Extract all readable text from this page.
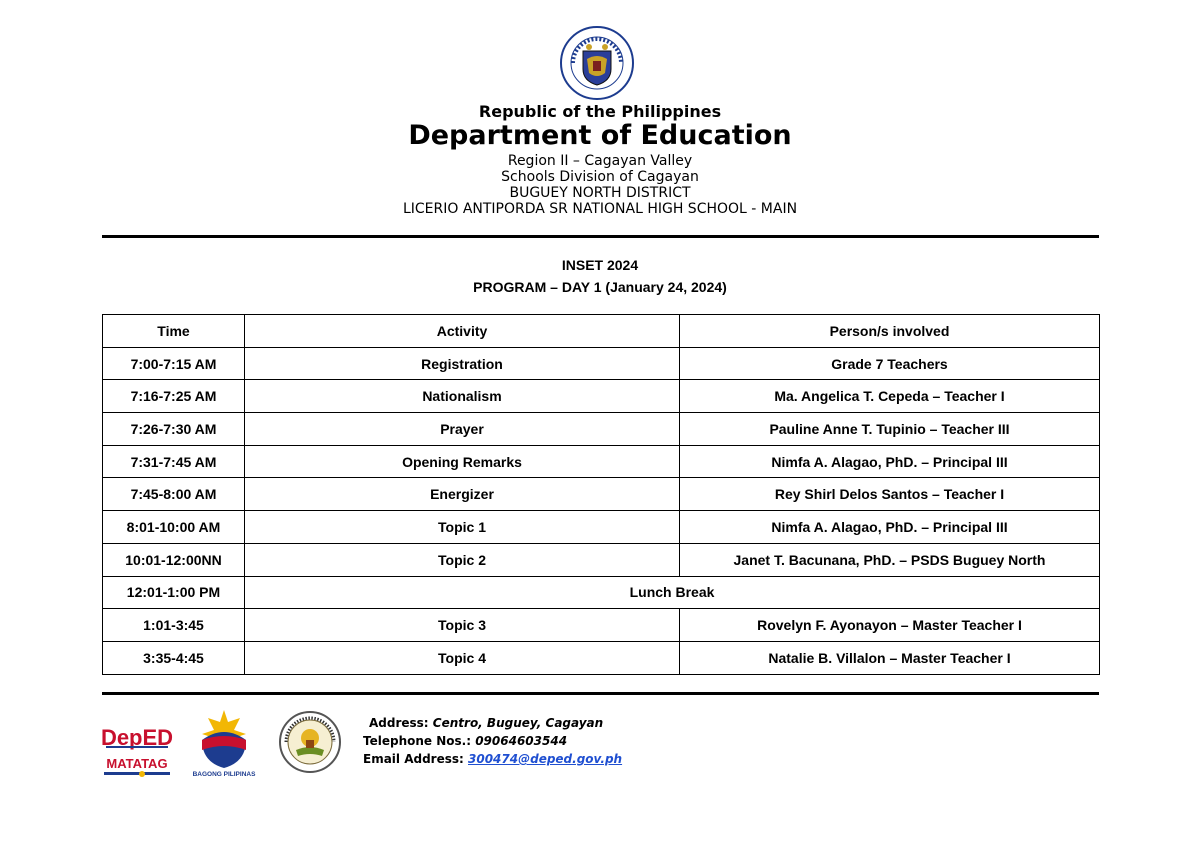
Republic of the Philippines
Department of Education
Region II – Cagayan Valley
Schools Division of Cagayan
BUGUEY NORTH DISTRICT
LICERIO ANTIPORDA SR NATIONAL HIGH SCHOOL - MAIN
INSET 2024
PROGRAM – DAY 1 (January 24, 2024)
Time	Activity	Person/s involved
7:00-7:15 AM	Registration	Grade 7 Teachers
7:16-7:25 AM	Nationalism	Ma. Angelica T. Cepeda – Teacher I
7:26-7:30 AM	Prayer	Pauline Anne T. Tupinio – Teacher III
7:31-7:45 AM	Opening Remarks	Nimfa A. Alagao, PhD. – Principal III
7:45-8:00 AM	Energizer	Rey Shirl Delos Santos – Teacher I
8:01-10:00 AM	Topic 1	Nimfa A. Alagao, PhD. – Principal III
10:01-12:00NN	Topic 2	Janet T. Bacunana, PhD. – PSDS Buguey North
12:01-1:00 PM	Lunch Break	
1:01-3:45	Topic 3	Rovelyn F. Ayonayon – Master Teacher I
3:35-4:45	Topic 4	Natalie B. Villalon – Master Teacher I
DepED
MATATAG
BAGONG PILIPINAS
Address: Centro, Buguey, Cagayan
Telephone Nos.: 09064603544
Email Address: 300474@deped.gov.ph
